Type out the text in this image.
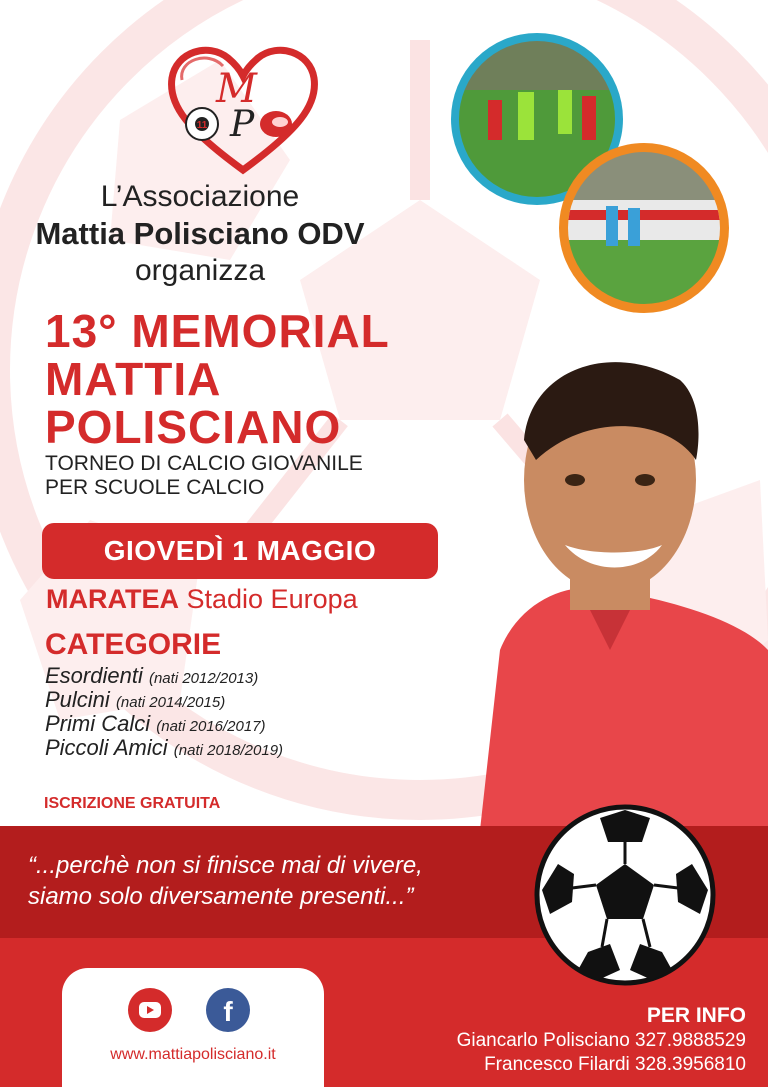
M
P
11
L’Associazione
Mattia Polisciano ODV
organizza
13° MEMORIAL
MATTIA
POLISCIANO
TORNEO DI CALCIO GIOVANILE
PER SCUOLE CALCIO
GIOVEDÌ 1 MAGGIO
MARATEA Stadio Europa
CATEGORIE
Esordienti (nati 2012/2013)
Pulcini (nati 2014/2015)
Primi Calci (nati 2016/2017)
Piccoli Amici (nati 2018/2019)
ISCRIZIONE GRATUITA
“...perchè non si finisce mai di vivere,
siamo solo diversamente presenti...”
f
www.mattiapolisciano.it
PER INFO
Giancarlo Polisciano 327.9888529
Francesco Filardi 328.3956810
